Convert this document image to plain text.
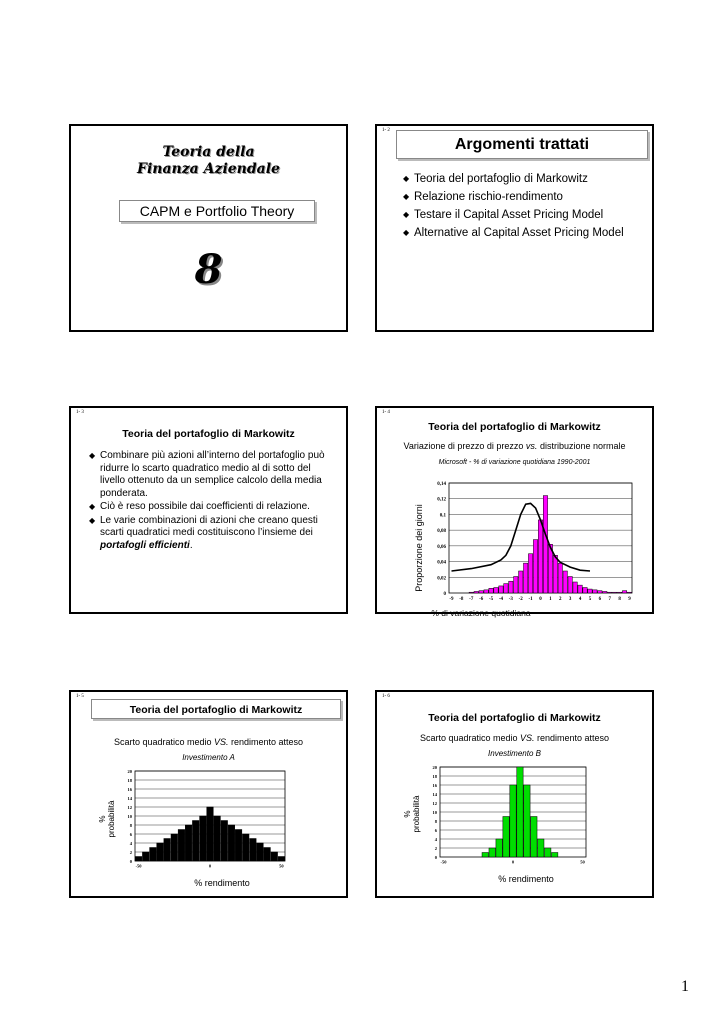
Teoria della
Finanza Aziendale
CAPM e Portfolio Theory
8
1- 2
Argomenti trattati
◆ Teoria del portafoglio di Markowitz
◆ Relazione rischio-rendimento
◆ Testare il Capital Asset Pricing Model
◆ Alternative al Capital Asset Pricing Model
1- 3
Teoria del portafoglio di Markowitz
◆ Combinare più azioni all’interno del portafoglio può ridurre lo scarto quadratico medio al di sotto del livello ottenuto da un semplice calcolo della media ponderata.
◆ Ciò è reso possibile dai coefficienti di relazione.
◆ Le varie combinazioni di azioni che creano questi scarti quadratici medi costituiscono l’insieme dei portafogli efficienti.
1- 4
Teoria del portafoglio di Markowitz
Variazione di prezzo di prezzo vs. distribuzione normale
Microsoft - % di variazione quotidiana 1990-2001
Proporzione dei giorni
% di variazione quotidiana
0
0,02
0,04
0,06
0,08
0,1
0,12
0,14
-9 -8 -7 -6 -5 -4 -3 -2 -1 0 1 2 3 4 5 6 7 8 9
1- 5
Teoria del portafoglio di Markowitz
Scarto quadratico medio VS. rendimento atteso
Investimento A
% probabilità
% rendimento
0
2
4
6
8
10
12
14
16
18
20
-50	0	50
1- 6
Teoria del portafoglio di Markowitz
Scarto quadratico medio VS. rendimento atteso
Investimento B
% probabilità
% rendimento
0
2
4
6
8
10
12
14
16
18
20
-50	0	50
1
